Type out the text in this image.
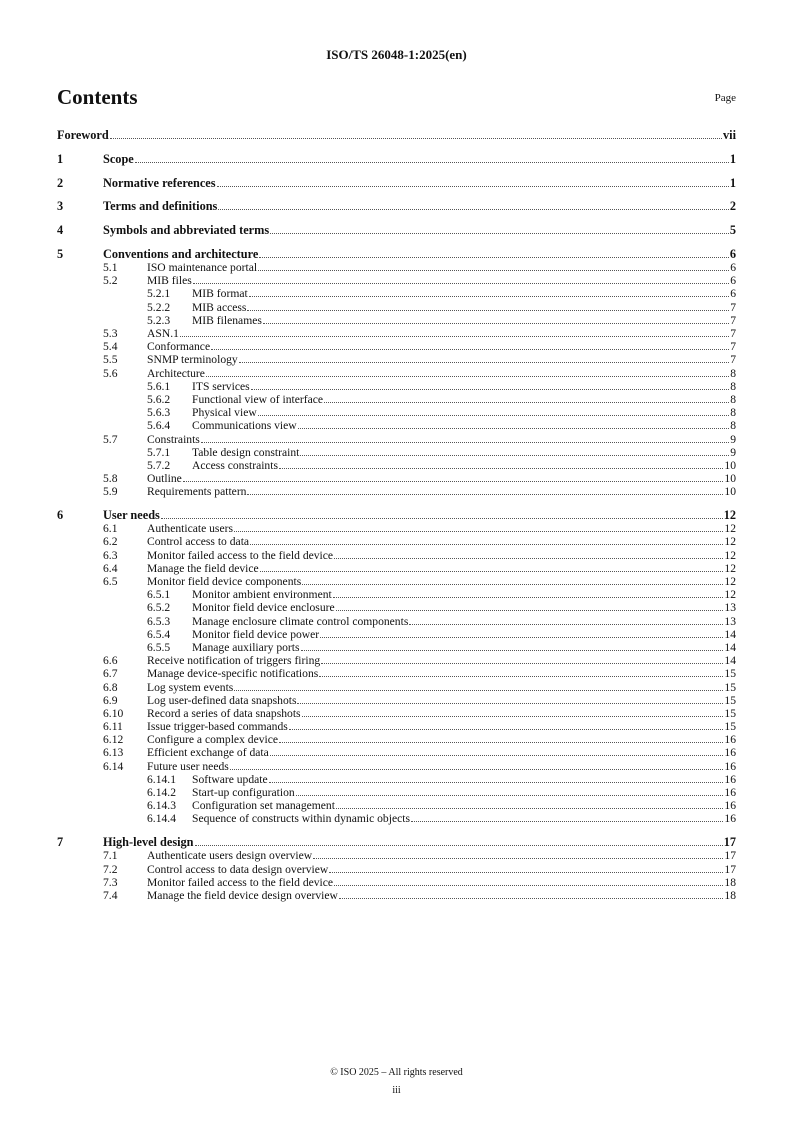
ISO/TS 26048-1:2025(en)
Contents	Page
Foreword	vii
1	Scope	1
2	Normative references	1
3	Terms and definitions	2
4	Symbols and abbreviated terms	5
5	Conventions and architecture	6
5.1	ISO maintenance portal	6
5.2	MIB files	6
5.2.1	MIB format	6
5.2.2	MIB access	7
5.2.3	MIB filenames	7
5.3	ASN.1	7
5.4	Conformance	7
5.5	SNMP terminology	7
5.6	Architecture	8
5.6.1	ITS services	8
5.6.2	Functional view of interface	8
5.6.3	Physical view	8
5.6.4	Communications view	8
5.7	Constraints	9
5.7.1	Table design constraint	9
5.7.2	Access constraints	10
5.8	Outline	10
5.9	Requirements pattern	10
6	User needs	12
6.1	Authenticate users	12
6.2	Control access to data	12
6.3	Monitor failed access to the field device	12
6.4	Manage the field device	12
6.5	Monitor field device components	12
6.5.1	Monitor ambient environment	12
6.5.2	Monitor field device enclosure	13
6.5.3	Manage enclosure climate control components	13
6.5.4	Monitor field device power	14
6.5.5	Manage auxiliary ports	14
6.6	Receive notification of triggers firing	14
6.7	Manage device-specific notifications	15
6.8	Log system events	15
6.9	Log user-defined data snapshots	15
6.10	Record a series of data snapshots	15
6.11	Issue trigger-based commands	15
6.12	Configure a complex device	16
6.13	Efficient exchange of data	16
6.14	Future user needs	16
6.14.1	Software update	16
6.14.2	Start-up configuration	16
6.14.3	Configuration set management	16
6.14.4	Sequence of constructs within dynamic objects	16
7	High-level design	17
7.1	Authenticate users design overview	17
7.2	Control access to data design overview	17
7.3	Monitor failed access to the field device	18
7.4	Manage the field device design overview	18
© ISO 2025 – All rights reserved
iii
